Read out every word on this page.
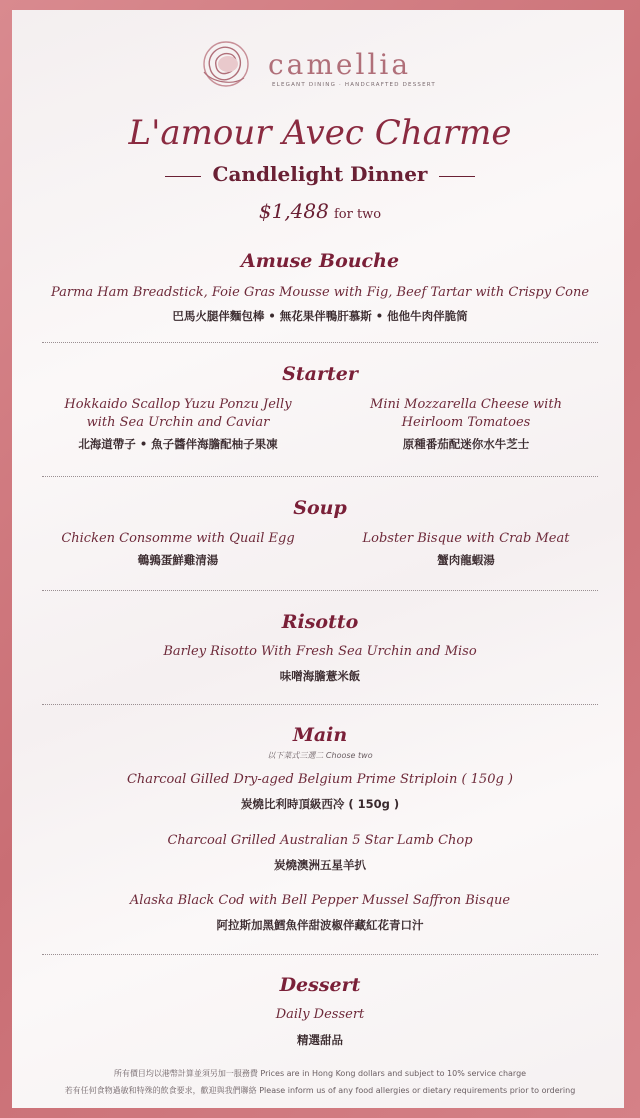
camellia
ELEGANT DINING · HANDCRAFTED DESSERT
L'amour Avec Charme
Candlelight Dinner
$1,488 for two
Amuse Bouche
Parma Ham Breadstick, Foie Gras Mousse with Fig, Beef Tartar with Crispy Cone
巴馬火腿伴麵包棒 • 無花果伴鴨肝慕斯 • 他他牛肉伴脆筒
Starter
Hokkaido Scallop Yuzu Ponzu Jelly
with Sea Urchin and Caviar
北海道帶子 • 魚子醬伴海膽配柚子果凍
Mini Mozzarella Cheese with
Heirloom Tomatoes
原種番茄配迷你水牛芝士
Soup
Chicken Consomme with Quail Egg
鵪鶉蛋鮮雞清湯
Lobster Bisque with Crab Meat
蟹肉龍蝦湯
Risotto
Barley Risotto With Fresh Sea Urchin and Miso
味噌海膽薏米飯
Main
以下菜式三選二 Choose two
Charcoal Gilled Dry-aged Belgium Prime Striploin ( 150g )
炭燒比利時頂級西冷 ( 150g )
Charcoal Grilled Australian 5 Star Lamb Chop
炭燒澳洲五星羊扒
Alaska Black Cod with Bell Pepper Mussel Saffron Bisque
阿拉斯加黑鱈魚伴甜波椒伴藏紅花青口汁
Dessert
Daily Dessert
精選甜品
所有價目均以港幣計算並須另加一服務費 Prices are in Hong Kong dollars and subject to 10% service charge
若有任何食物過敏和特殊的飲食要求，歡迎與我們聯絡 Please inform us of any food allergies or dietary requirements prior to ordering
